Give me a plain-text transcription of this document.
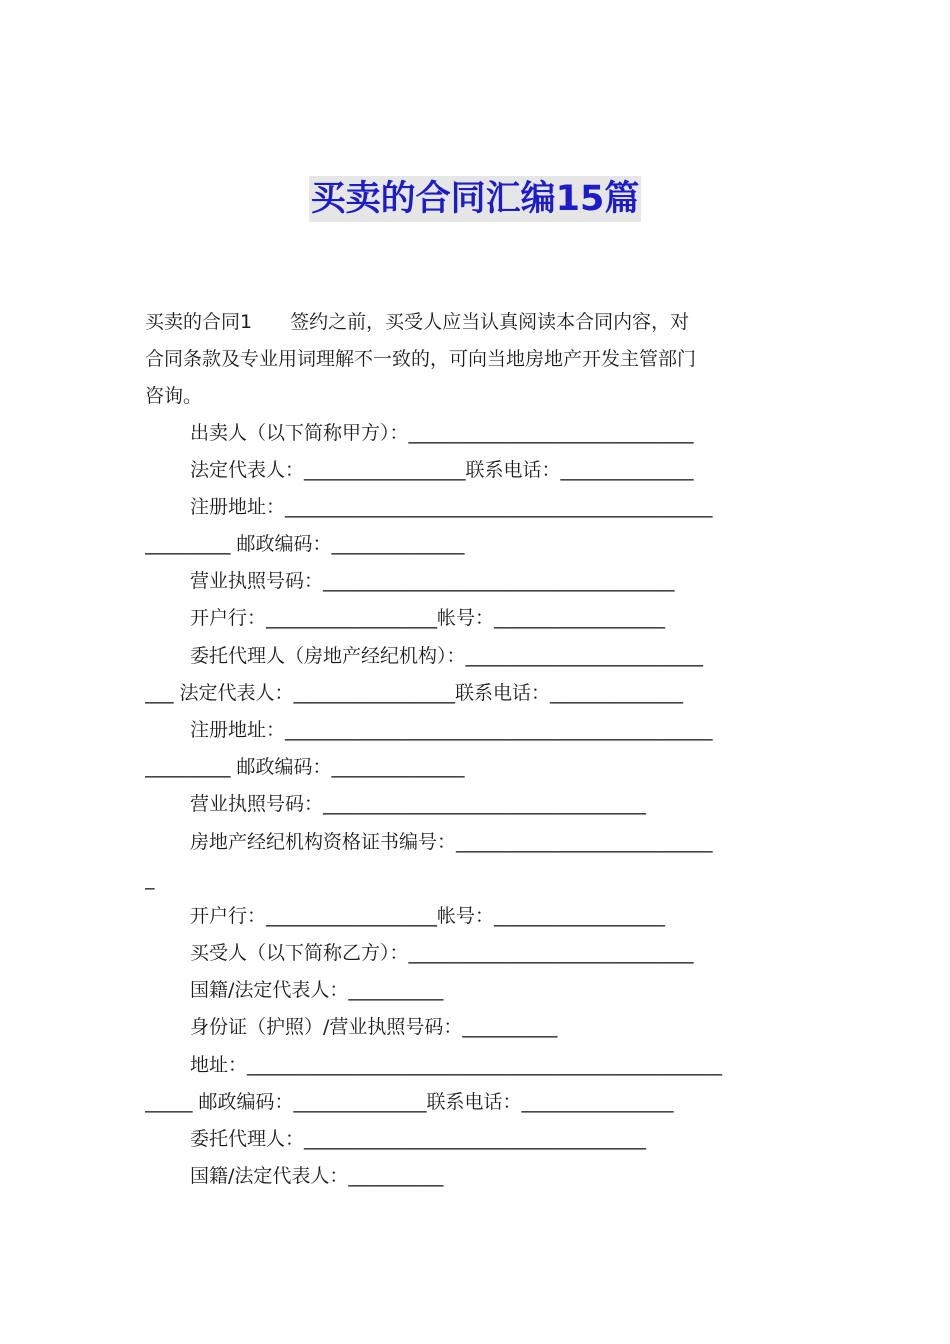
买卖的合同汇编15篇
买卖的合同1　　签约之前，买受人应当认真阅读本合同内容，对
合同条款及专业用词理解不一致的，可向当地房地产开发主管部门
咨询。
出卖人（以下简称甲方）：______________________________
法定代表人：_________________联系电话：______________
注册地址：_____________________________________________
_________ 邮政编码：______________
营业执照号码：_____________________________________
开户行：__________________帐号：__________________
委托代理人（房地产经纪机构）：_________________________
___ 法定代表人：_________________联系电话：______________
注册地址：_____________________________________________
_________ 邮政编码：______________
营业执照号码：__________________________________
房地产经纪机构资格证书编号：___________________________
_
开户行：__________________帐号：__________________
买受人（以下简称乙方）：______________________________
国籍/法定代表人：__________
身份证（护照）/营业执照号码：__________
地址：__________________________________________________
_____ 邮政编码：______________联系电话：________________
委托代理人：____________________________________
国籍/法定代表人：__________
